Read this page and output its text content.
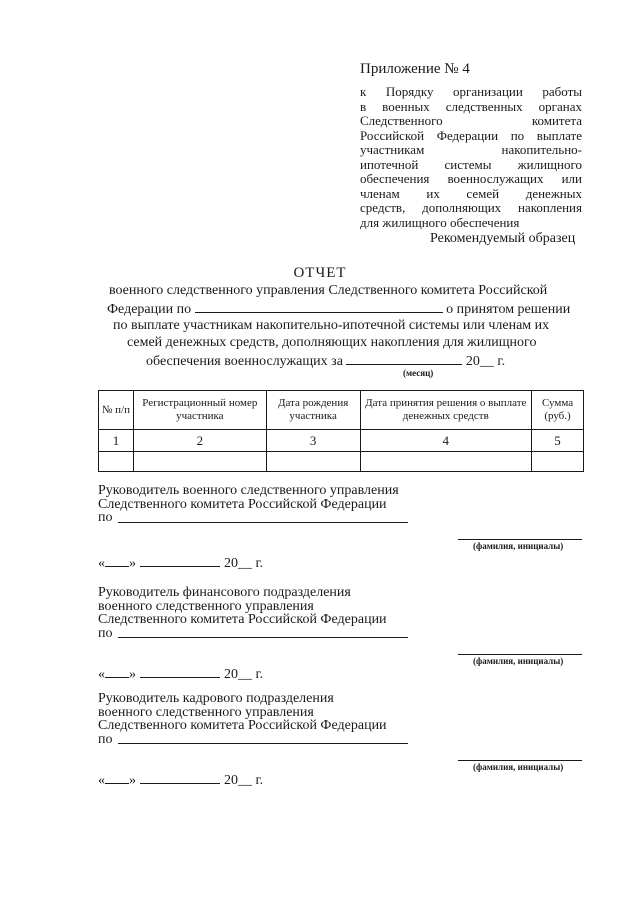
Приложение № 4
к Порядку организации работы
в военных следственных органах
Следственного комитета
Российской Федерации по выплате
участникам накопительно-
ипотечной системы жилищного
обеспечения военнослужащих или
членам их семей денежных
средств, дополняющих накопления
для жилищного обеспечения
Рекомендуемый образец
ОТЧЕТ
военного следственного управления Следственного комитета Российской
Федерации по	о принятом решении
по выплате участникам накопительно-ипотечной системы или членам их
семей денежных средств, дополняющих накопления для жилищного
обеспечения военнослужащих за	20__ г.
(месяц)
№ п/п	Регистрационный номер участника	Дата рождения участника	Дата принятия решения о выплате денежных средств	Сумма (руб.)
1	2	3	4	5

Руководитель военного следственного управления
Следственного комитета Российской Федерации
по
(фамилия, инициалы)
« »	20__ г.
Руководитель финансового подразделения
военного следственного управления
Следственного комитета Российской Федерации
по
(фамилия, инициалы)
« »	20__ г.
Руководитель кадрового подразделения
военного следственного управления
Следственного комитета Российской Федерации
по
(фамилия, инициалы)
« »	20__ г.
